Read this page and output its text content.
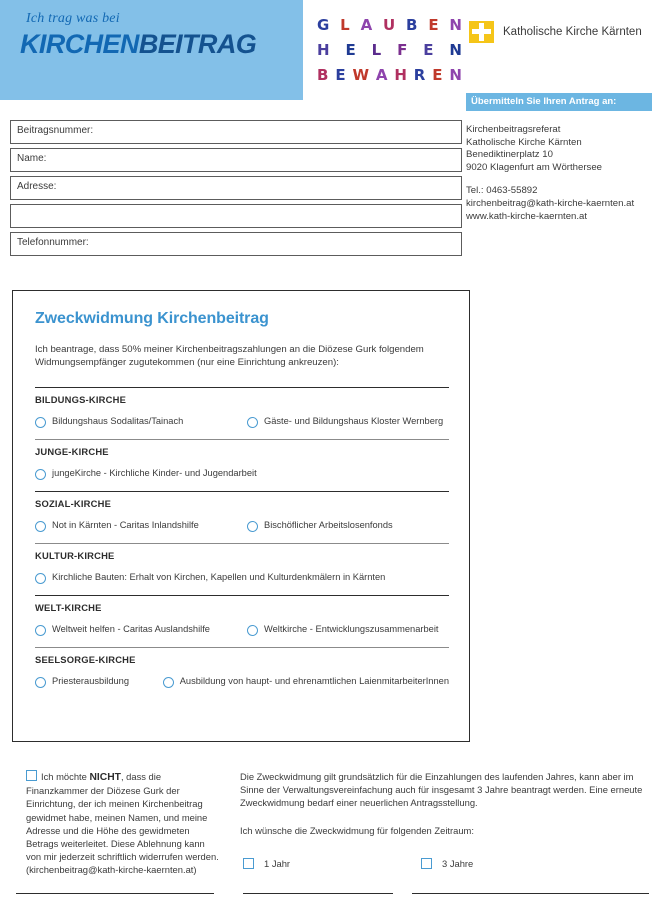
Ich trag was bei
KIRCHENBEITRAG
G L A U B E N
H E L F E N
B E W A H R E N
Katholische Kirche Kärnten
Übermitteln Sie Ihren Antrag an:
Kirchenbeitragsreferat
Katholische Kirche Kärnten
Benediktinerplatz 10
9020 Klagenfurt am Wörthersee
Tel.: 0463-55892
kirchenbeitrag@kath-kirche-kaernten.at
www.kath-kirche-kaernten.at
Beitragsnummer:
Name:
Adresse:
Telefonnummer:
Zweckwidmung Kirchenbeitrag
Ich beantrage, dass 50% meiner Kirchenbeitragszahlungen an die Diözese Gurk folgendem Widmungsempfänger zugutekommen (nur eine Einrichtung ankreuzen):
BILDUNGS-KIRCHE
Bildungshaus Sodalitas/Tainach	Gäste- und Bildungshaus Kloster Wernberg
JUNGE-KIRCHE
jungeKirche - Kirchliche Kinder- und Jugendarbeit
SOZIAL-KIRCHE
Not in Kärnten - Caritas Inlandshilfe	Bischöflicher Arbeitslosenfonds
KULTUR-KIRCHE
Kirchliche Bauten: Erhalt von Kirchen, Kapellen und Kulturdenkmälern in Kärnten
WELT-KIRCHE
Weltweit helfen - Caritas Auslandshilfe	Weltkirche - Entwicklungszusammenarbeit
SEELSORGE-KIRCHE
Priesterausbildung	Ausbildung von haupt- und ehrenamtlichen LaienmitarbeiterInnen
Ich möchte NICHT, dass die Finanzkammer der Diözese Gurk der Einrichtung, der ich meinen Kirchenbeitrag gewidmet habe, meinen Namen, und meine Adresse und die Höhe des gewidmeten Betrags weiterleitet. Diese Ablehnung kann von mir jederzeit schriftlich widerrufen werden. (kirchenbeitrag@kath-kirche-kaernten.at)
Die Zweckwidmung gilt grundsätzlich für die Einzahlungen des laufenden Jahres, kann aber im Sinne der Verwaltungsvereinfachung auch für insgesamt 3 Jahre beantragt werden. Eine erneute Zweckwidmung bedarf einer neuerlichen Antragsstellung.
Ich wünsche die Zweckwidmung für folgenden Zeitraum:
1 Jahr	3 Jahre
